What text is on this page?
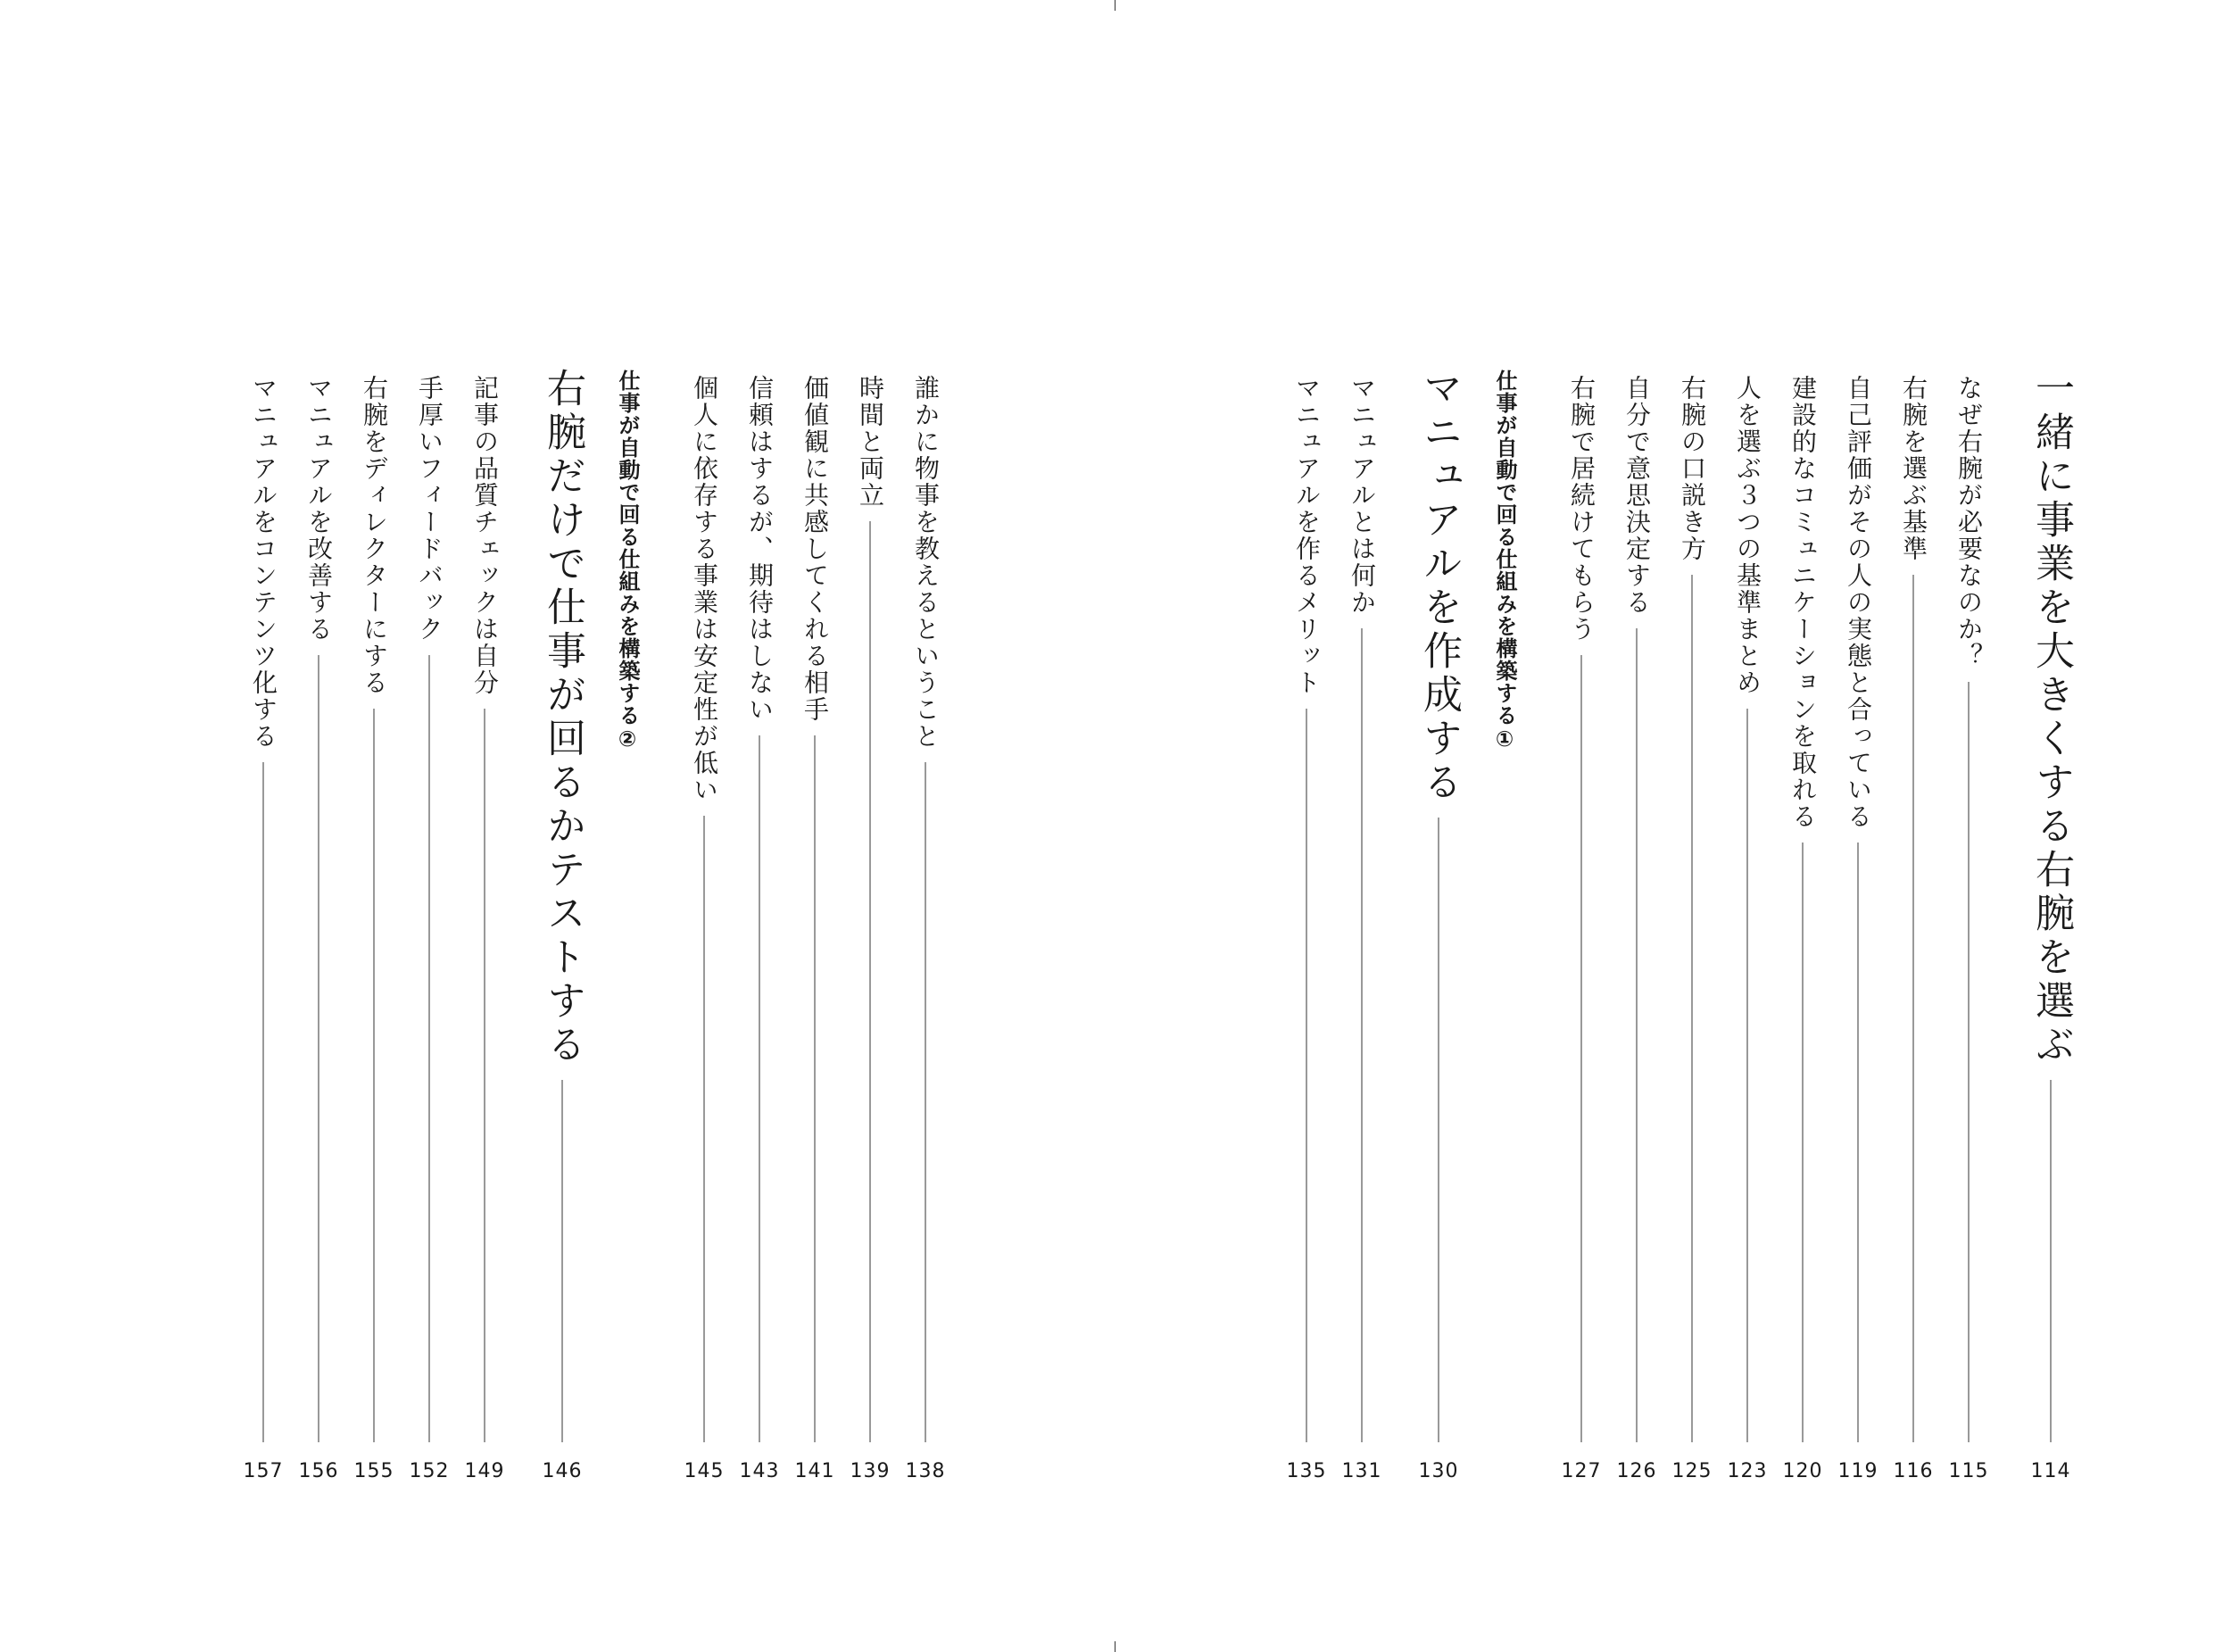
一緒に事業を大きくする右腕を選ぶ
114
なぜ右腕が必要なのか？
115
右腕を選ぶ基準
116
自己評価がその人の実態と合っている
119
建設的なコミュニケーションを取れる
120
人を選ぶ３つの基準まとめ
123
右腕の口説き方
125
自分で意思決定する
126
右腕で居続けてもらう
127
仕事が自動で回る仕組みを構築する①
マニュアルを作成する
130
マニュアルとは何か
131
マニュアルを作るメリット
135
誰かに物事を教えるということ
138
時間と両立
139
価値観に共感してくれる相手
141
信頼はするが、期待はしない
143
個人に依存する事業は安定性が低い
145
仕事が自動で回る仕組みを構築する②
右腕だけで仕事が回るかテストする
146
記事の品質チェックは自分
149
手厚いフィードバック
152
右腕をディレクターにする
155
マニュアルを改善する
156
マニュアルをコンテンツ化する
157
